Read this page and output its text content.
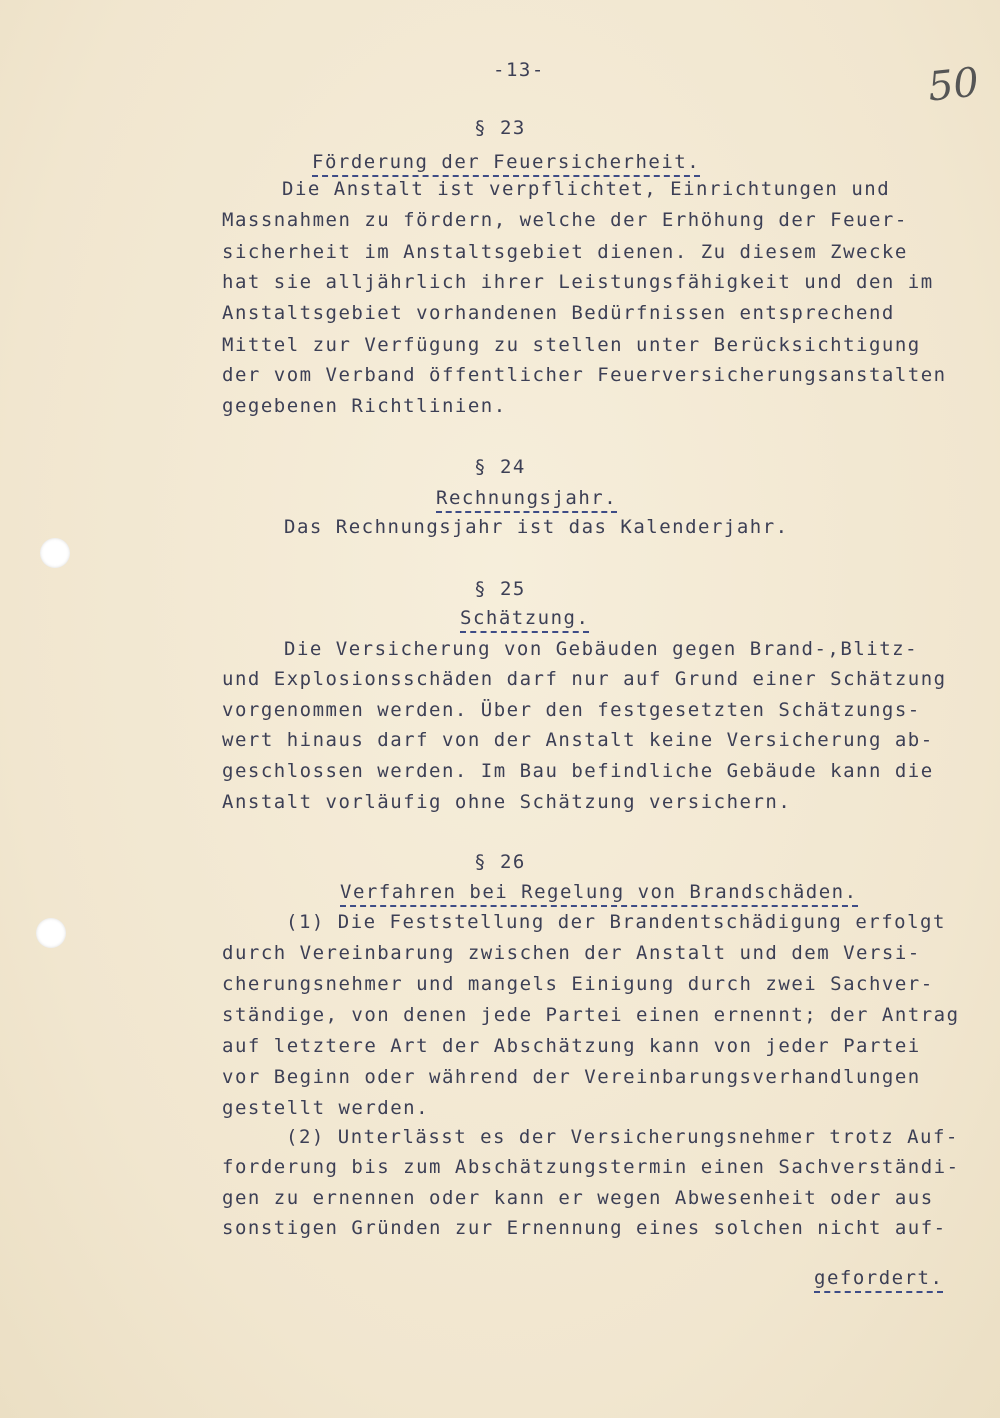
50
-13-
§ 23
Förderung der Feuersicherheit.
Die Anstalt ist verpflichtet, Einrichtungen und
Massnahmen zu fördern, welche der Erhöhung der Feuer-
sicherheit im Anstaltsgebiet dienen. Zu diesem Zwecke
hat sie alljährlich ihrer Leistungsfähigkeit und den im
Anstaltsgebiet vorhandenen Bedürfnissen entsprechend
Mittel zur Verfügung zu stellen unter Berücksichtigung
der vom Verband öffentlicher Feuerversicherungsanstalten
gegebenen Richtlinien.
§ 24
Rechnungsjahr.
Das Rechnungsjahr ist das Kalenderjahr.
§ 25
Schätzung.
Die Versicherung von Gebäuden gegen Brand-,Blitz-
und Explosionsschäden darf nur auf Grund einer Schätzung
vorgenommen werden. Über den festgesetzten Schätzungs-
wert hinaus darf von der Anstalt keine Versicherung ab-
geschlossen werden. Im Bau befindliche Gebäude kann die
Anstalt vorläufig ohne Schätzung versichern.
§ 26
Verfahren bei Regelung von Brandschäden.
(1) Die Feststellung der Brandentschädigung erfolgt
durch Vereinbarung zwischen der Anstalt und dem Versi-
cherungsnehmer und mangels Einigung durch zwei Sachver-
ständige, von denen jede Partei einen ernennt; der Antrag
auf letztere Art der Abschätzung kann von jeder Partei
vor Beginn oder während der Vereinbarungsverhandlungen
gestellt werden.
(2) Unterlässt es der Versicherungsnehmer trotz Auf-
forderung bis zum Abschätzungstermin einen Sachverständi-
gen zu ernennen oder kann er wegen Abwesenheit oder aus
sonstigen Gründen zur Ernennung eines solchen nicht auf-
gefordert.
